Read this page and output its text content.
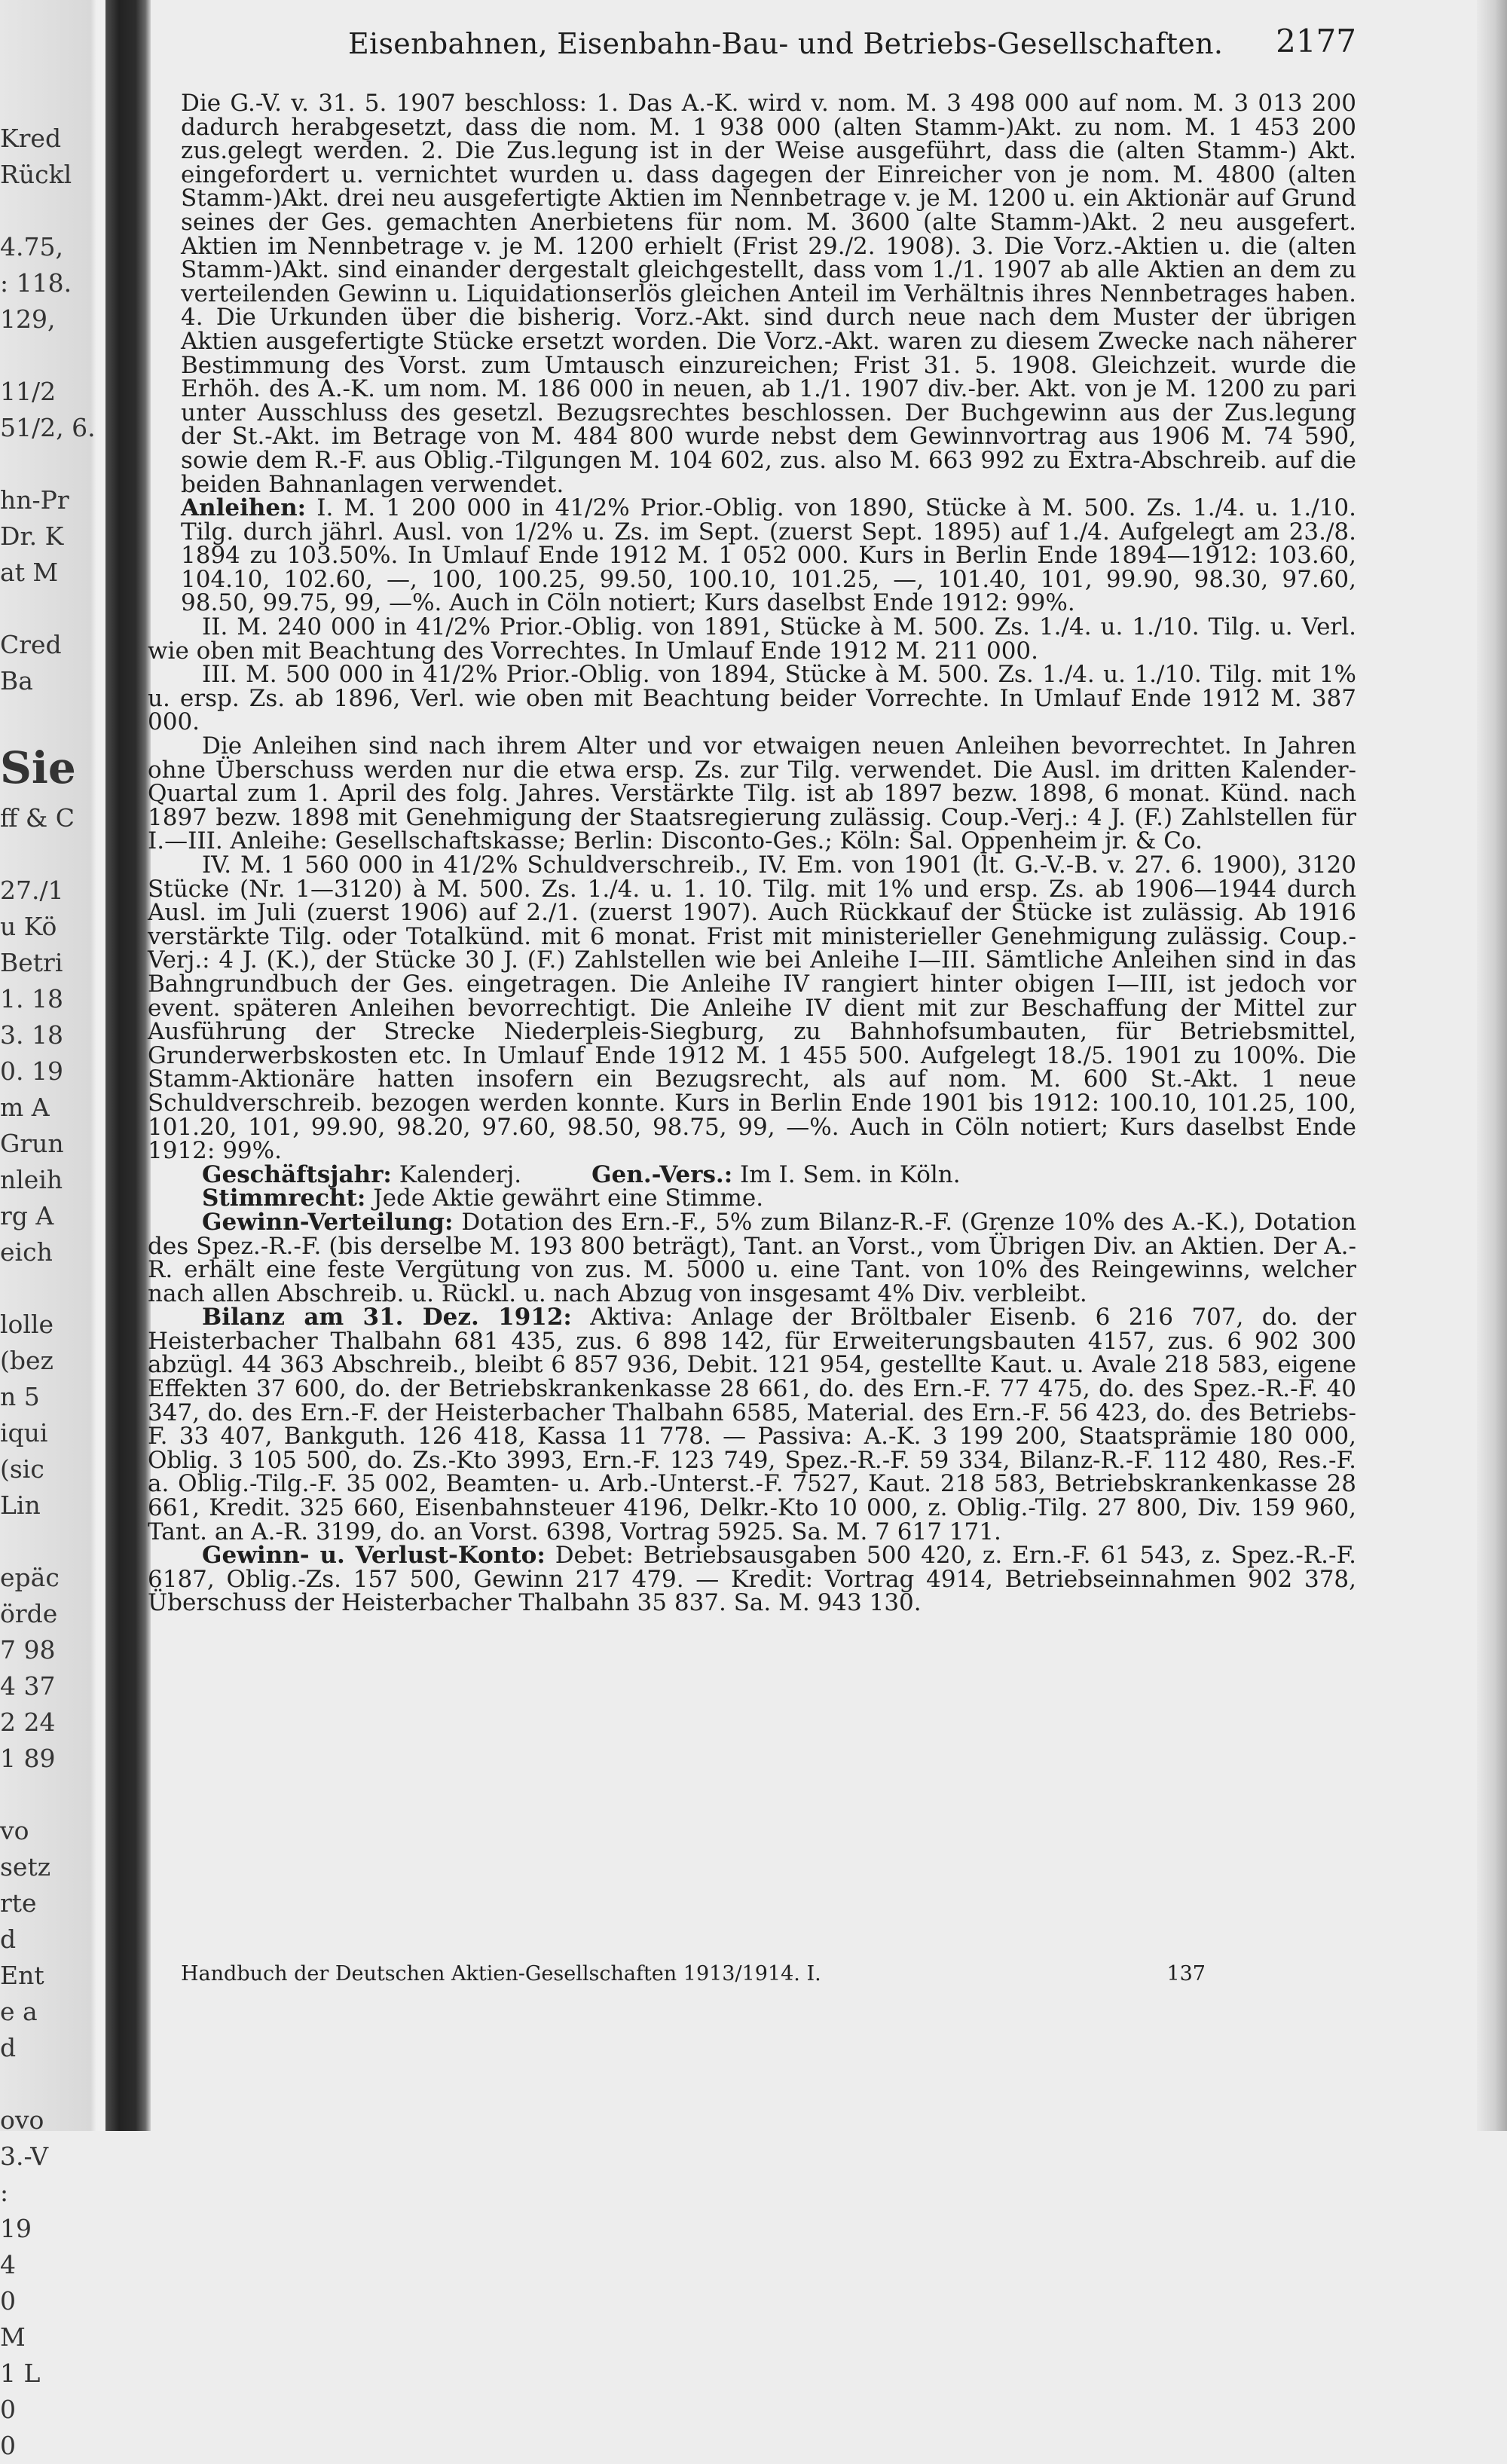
Kred
Rückl
4.75,
: 118.
129,
11/2
51/2, 6.
hn-Pr
Dr. K
at M
Cred
Ba
Sie
ff & C
27./1
u Kö
Betri
1. 18
3. 18
0. 19
m A
Grun
nleih
rg A
eich
lolle
(bez
n 5
iqui
(sic
Lin
epäc
örde
7 98
4 37
2 24
1 89
vo
setz
rte
d
Ent
e a
d
ovo
3.-V
:
19
4
0
M
1 L
0
0
Eisenbahnen, Eisenbahn-Bau- und Betriebs-Gesellschaften. 2177

Die G.-V. v. 31. 5. 1907 beschloss: 1. Das A.-K. wird v. nom. M. 3 498 000 auf nom. M. 3 013 200 dadurch herabgesetzt, dass die nom. M. 1 938 000 (alten Stamm-)Akt. zu nom. M. 1 453 200 zus.gelegt werden. 2. Die Zus.legung ist in der Weise ausgeführt, dass die (alten Stamm-) Akt. eingefordert u. vernichtet wurden u. dass dagegen der Einreicher von je nom. M. 4800 (alten Stamm-)Akt. drei neu ausgefertigte Aktien im Nennbetrage v. je M. 1200 u. ein Aktionär auf Grund seines der Ges. gemachten Anerbietens für nom. M. 3600 (alte Stamm-)Akt. 2 neu ausgefert. Aktien im Nennbetrage v. je M. 1200 erhielt (Frist 29./2. 1908). 3. Die Vorz.-Aktien u. die (alten Stamm-)Akt. sind einander dergestalt gleichgestellt, dass vom 1./1. 1907 ab alle Aktien an dem zu verteilenden Gewinn u. Liquidationserlös gleichen Anteil im Verhältnis ihres Nennbetrages haben. 4. Die Urkunden über die bisherig. Vorz.-Akt. sind durch neue nach dem Muster der übrigen Aktien ausgefertigte Stücke ersetzt worden. Die Vorz.-Akt. waren zu diesem Zwecke nach näherer Bestimmung des Vorst. zum Umtausch einzureichen; Frist 31. 5. 1908. Gleichzeit. wurde die Erhöh. des A.-K. um nom. M. 186 000 in neuen, ab 1./1. 1907 div.-ber. Akt. von je M. 1200 zu pari unter Ausschluss des gesetzl. Bezugsrechtes beschlossen. Der Buchgewinn aus der Zus.legung der St.-Akt. im Betrage von M. 484 800 wurde nebst dem Gewinnvortrag aus 1906 M. 74 590, sowie dem R.-F. aus Oblig.-Tilgungen M. 104 602, zus. also M. 663 992 zu Extra-Abschreib. auf die beiden Bahnanlagen verwendet.

Anleihen: I. M. 1 200 000 in 41/2% Prior.-Oblig. von 1890, Stücke à M. 500. Zs. 1./4. u. 1./10. Tilg. durch jährl. Ausl. von 1/2% u. Zs. im Sept. (zuerst Sept. 1895) auf 1./4. Aufgelegt am 23./8. 1894 zu 103.50%. In Umlauf Ende 1912 M. 1 052 000. Kurs in Berlin Ende 1894—1912: 103.60, 104.10, 102.60, —, 100, 100.25, 99.50, 100.10, 101.25, —, 101.40, 101, 99.90, 98.30, 97.60, 98.50, 99.75, 99, —%. Auch in Cöln notiert; Kurs daselbst Ende 1912: 99%.

II. M. 240 000 in 41/2% Prior.-Oblig. von 1891, Stücke à M. 500. Zs. 1./4. u. 1./10. Tilg. u. Verl. wie oben mit Beachtung des Vorrechtes. In Umlauf Ende 1912 M. 211 000.

III. M. 500 000 in 41/2% Prior.-Oblig. von 1894, Stücke à M. 500. Zs. 1./4. u. 1./10. Tilg. mit 1% u. ersp. Zs. ab 1896, Verl. wie oben mit Beachtung beider Vorrechte. In Umlauf Ende 1912 M. 387 000.

Die Anleihen sind nach ihrem Alter und vor etwaigen neuen Anleihen bevorrechtet. In Jahren ohne Überschuss werden nur die etwa ersp. Zs. zur Tilg. verwendet. Die Ausl. im dritten Kalender-Quartal zum 1. April des folg. Jahres. Verstärkte Tilg. ist ab 1897 bezw. 1898, 6 monat. Künd. nach 1897 bezw. 1898 mit Genehmigung der Staatsregierung zulässig. Coup.-Verj.: 4 J. (F.) Zahlstellen für I.—III. Anleihe: Gesellschaftskasse; Berlin: Disconto-Ges.; Köln: Sal. Oppenheim jr. & Co.

IV. M. 1 560 000 in 41/2% Schuldverschreib., IV. Em. von 1901 (lt. G.-V.-B. v. 27. 6. 1900), 3120 Stücke (Nr. 1—3120) à M. 500. Zs. 1./4. u. 1. 10. Tilg. mit 1% und ersp. Zs. ab 1906—1944 durch Ausl. im Juli (zuerst 1906) auf 2./1. (zuerst 1907). Auch Rückkauf der Stücke ist zulässig. Ab 1916 verstärkte Tilg. oder Totalkünd. mit 6 monat. Frist mit ministerieller Genehmigung zulässig. Coup.-Verj.: 4 J. (K.), der Stücke 30 J. (F.) Zahlstellen wie bei Anleihe I—III. Sämtliche Anleihen sind in das Bahngrundbuch der Ges. eingetragen. Die Anleihe IV rangiert hinter obigen I—III, ist jedoch vor event. späteren Anleihen bevorrechtigt. Die Anleihe IV dient mit zur Beschaffung der Mittel zur Ausführung der Strecke Niederpleis-Siegburg, zu Bahnhofsumbauten, für Betriebsmittel, Grunderwerbskosten etc. In Umlauf Ende 1912 M. 1 455 500. Aufgelegt 18./5. 1901 zu 100%. Die Stamm-Aktionäre hatten insofern ein Bezugsrecht, als auf nom. M. 600 St.-Akt. 1 neue Schuldverschreib. bezogen werden konnte. Kurs in Berlin Ende 1901 bis 1912: 100.10, 101.25, 100, 101.20, 101, 99.90, 98.20, 97.60, 98.50, 98.75, 99, —%. Auch in Cöln notiert; Kurs daselbst Ende 1912: 99%.

Geschäftsjahr: Kalenderj.   	Gen.-Vers.: Im I. Sem. in Köln.

Stimmrecht: Jede Aktie gewährt eine Stimme.

Gewinn-Verteilung: Dotation des Ern.-F., 5% zum Bilanz-R.-F. (Grenze 10% des A.-K.), Dotation des Spez.-R.-F. (bis derselbe M. 193 800 beträgt), Tant. an Vorst., vom Übrigen Div. an Aktien. Der A.-R. erhält eine feste Vergütung von zus. M. 5000 u. eine Tant. von 10% des Reingewinns, welcher nach allen Abschreib. u. Rückl. u. nach Abzug von insgesamt 4% Div. verbleibt.

Bilanz am 31. Dez. 1912: Aktiva: Anlage der Bröltbaler Eisenb. 6 216 707, do. der Heisterbacher Thalbahn 681 435, zus. 6 898 142, für Erweiterungsbauten 4157, zus. 6 902 300 abzügl. 44 363 Abschreib., bleibt 6 857 936, Debit. 121 954, gestellte Kaut. u. Avale 218 583, eigene Effekten 37 600, do. der Betriebskrankenkasse 28 661, do. des Ern.-F. 77 475, do. des Spez.-R.-F. 40 347, do. des Ern.-F. der Heisterbacher Thalbahn 6585, Material. des Ern.-F. 56 423, do. des Betriebs-F. 33 407, Bankguth. 126 418, Kassa 11 778. — Passiva: A.-K. 3 199 200, Staatsprämie 180 000, Oblig. 3 105 500, do. Zs.-Kto 3993, Ern.-F. 123 749, Spez.-R.-F. 59 334, Bilanz-R.-F. 112 480, Res.-F. a. Oblig.-Tilg.-F. 35 002, Beamten- u. Arb.-Unterst.-F. 7527, Kaut. 218 583, Betriebskrankenkasse 28 661, Kredit. 325 660, Eisenbahnsteuer 4196, Delkr.-Kto 10 000, z. Oblig.-Tilg. 27 800, Div. 159 960, Tant. an A.-R. 3199, do. an Vorst. 6398, Vortrag 5925. Sa. M. 7 617 171.

Gewinn- u. Verlust-Konto: Debet: Betriebsausgaben 500 420, z. Ern.-F. 61 543, z. Spez.-R.-F. 6187, Oblig.-Zs. 157 500, Gewinn 217 479. — Kredit: Vortrag 4914, Betriebseinnahmen 902 378, Überschuss der Heisterbacher Thalbahn 35 837. Sa. M. 943 130.

Handbuch der Deutschen Aktien-Gesellschaften 1913/1914. I.	137
